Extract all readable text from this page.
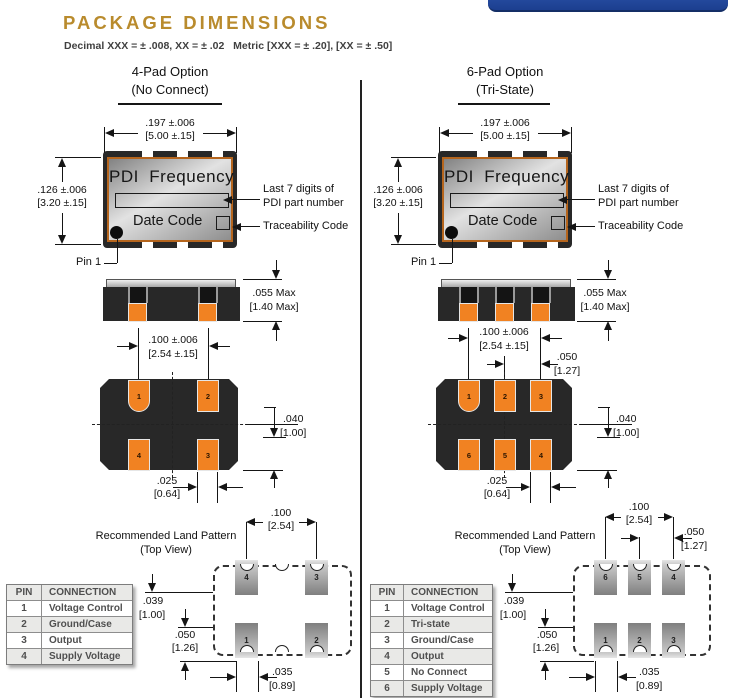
PACKAGE DIMENSIONS
Decimal XXX = ± .008, XX = ± .02   Metric [XXX = ± .20], [XX = ± .50]
4-Pad Option
(No Connect)
PDI  Frequency
Date Code
.197 ±.006
[5.00 ±.15]
.126 ±.006
[3.20 ±.15]
Last 7 digits of
PDI part number
Traceability Code
Pin 1
.055 Max
[1.40 Max]
.100 ±.006
[2.54 ±.15]
1	2
4	3
.040
[1.00]
.025
[0.64]
Recommended Land Pattern
(Top View)
4	3
1	2
.100
[2.54]
.039
[1.00]
.050
[1.26]
.035
[0.89]
PIN	CONNECTION
1	Voltage Control
2	Ground/Case
3	Output
4	Supply Voltage
6-Pad Option
(Tri-State)
PDI  Frequency
Date Code
.197 ±.006
[5.00 ±.15]
.126 ±.006
[3.20 ±.15]
Last 7 digits of
PDI part number
Traceability Code
Pin 1
.055 Max
[1.40 Max]
.100 ±.006
[2.54 ±.15]
.050
[1.27]
1	2	3
6	5	4
.040
[1.00]
.025
[0.64]
Recommended Land Pattern
(Top View)
6	5	4
1	2	3
.100
[2.54]
.050
[1.27]
.039
[1.00]
.050
[1.26]
.035
[0.89]
PIN	CONNECTION
1	Voltage Control
2	Tri-state
3	Ground/Case
4	Output
5	No Connect
6	Supply Voltage
